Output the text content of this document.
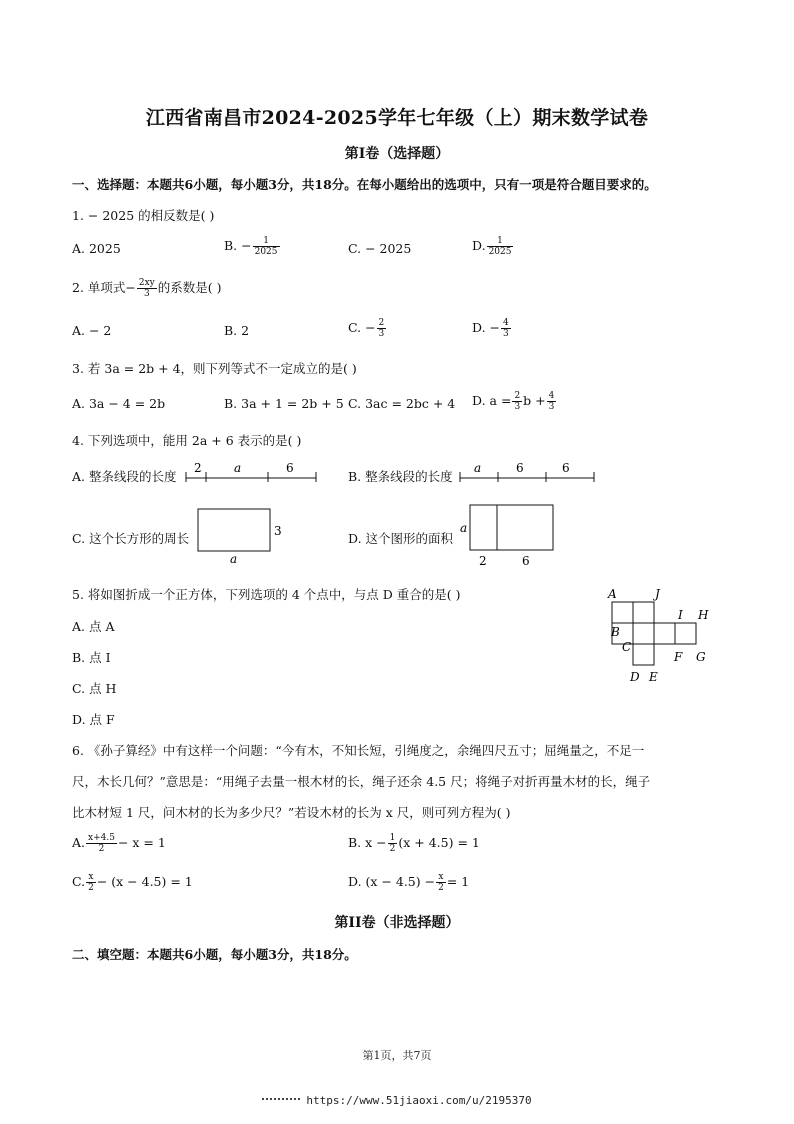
江西省南昌市2024-2025学年七年级（上）期末数学试卷
第I卷（选择题）
一、选择题：本题共6小题，每小题3分，共18分。在每小题给出的选项中，只有一项是符合题目要求的。
1. − 2025 的相反数是( )
A. 2025	B. − $\frac{1}{2025}$	C. − 2025	D. $\frac{1}{2025}$
2. 单项式− $\frac{2xy}{3}$ 的系数是( )
A. − 2	B. 2	C. − $\frac{2}{3}$	D. − $\frac{4}{3}$
3. 若 3a = 2b + 4，则下列等式不一定成立的是( )
A. 3a − 4 = 2b	B. 3a + 1 = 2b + 5 C. 3ac = 2bc + 4 D. $a = \frac{2}{3}$ $b + \frac{4}{3}$
4. 下列选项中，能用 2a + 6 表示的是( )
A. 整条线段的长度
2	a	6
B. 整条线段的长度
a	6	6
C. 这个长方形的周长	3
a
D. 这个图形的面积
a
2	6
5. 将如图折成一个正方体，下列选项的 4 个点中，与点 D 重合的是( )
A. 点 A
B. 点 I
C. 点 H
D. 点 F
A	J
I H
B
C
F G
D E
6. 《孙子算经》中有这样一个问题：“今有木，不知长短，引绳度之，余绳四尺五寸；屈绳量之，不足一
尺，木长几何？”意思是：“用绳子去量一根木材的长，绳子还余 4.5 尺；将绳子对折再量木材的长，绳子
比木材短 1 尺，问木材的长为多少尺？”若设木材的长为 x 尺，则可列方程为( )
A. $\frac{x+4.5}{2} - x = 1$	B. $x - \frac{1}{2} (x + 4.5) = 1$
C. $\frac{x}{2} - (x - 4.5) = 1$	D. $(x - 4.5) - \frac{x}{2} = 1$
第II卷（非选择题）
二、填空题：本题共6小题，每小题3分，共18分。
第1页，共7页
https://www.51jiaoxi.com/u/2195370
